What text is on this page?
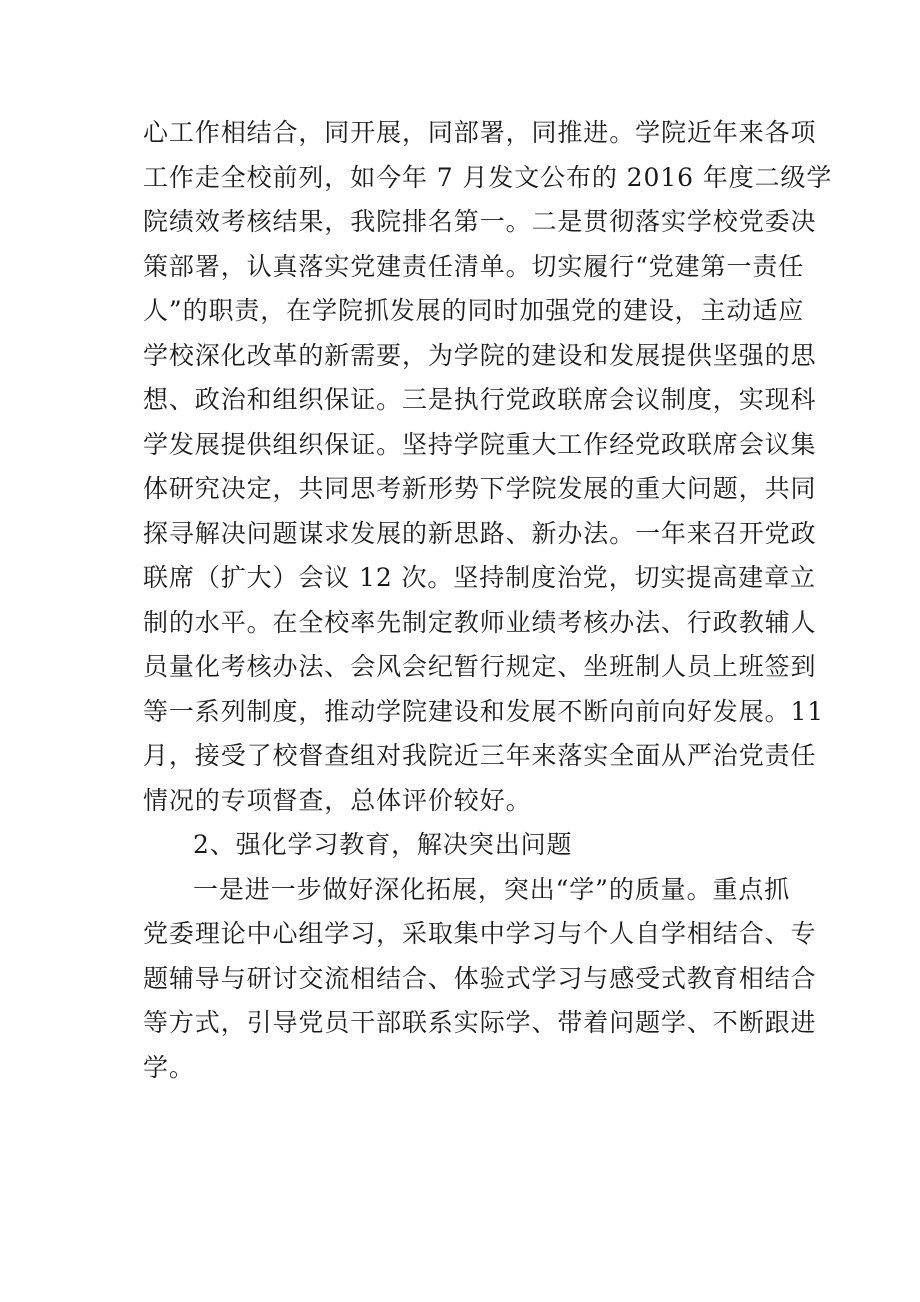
心工作相结合，同开展，同部署，同推进。学院近年来各项
工作走全校前列，如今年 7 月发文公布的 2016 年度二级学
院绩效考核结果，我院排名第一。二是贯彻落实学校党委决
策部署，认真落实党建责任清单。切实履行“党建第一责任
人”的职责，在学院抓发展的同时加强党的建设，主动适应
学校深化改革的新需要，为学院的建设和发展提供坚强的思
想、政治和组织保证。三是执行党政联席会议制度，实现科
学发展提供组织保证。坚持学院重大工作经党政联席会议集
体研究决定，共同思考新形势下学院发展的重大问题，共同
探寻解决问题谋求发展的新思路、新办法。一年来召开党政
联席（扩大）会议 12 次。坚持制度治党，切实提高建章立
制的水平。在全校率先制定教师业绩考核办法、行政教辅人
员量化考核办法、会风会纪暂行规定、坐班制人员上班签到
等一系列制度，推动学院建设和发展不断向前向好发展。11
月，接受了校督查组对我院近三年来落实全面从严治党责任
情况的专项督查，总体评价较好。
2、强化学习教育，解决突出问题
一是进一步做好深化拓展，突出“学”的质量。重点抓
党委理论中心组学习，采取集中学习与个人自学相结合、专
题辅导与研讨交流相结合、体验式学习与感受式教育相结合
等方式，引导党员干部联系实际学、带着问题学、不断跟进
学。
